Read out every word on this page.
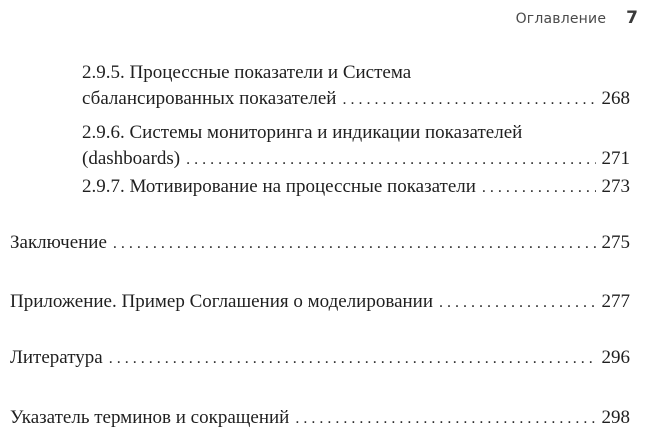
Оглавление 7
2.9.5. Процессные показатели и Система
сбалансированных показателей . . .	268
2.9.6. Системы мониторинга и индикации показателей
(dashboards) . . .	271
2.9.7. Мотивирование на процессные показатели . . .	273
Заключение . . .	275
Приложение. Пример Соглашения о моделировании . . .	277
Литература . . .	296
Указатель терминов и сокращений . . .	298
